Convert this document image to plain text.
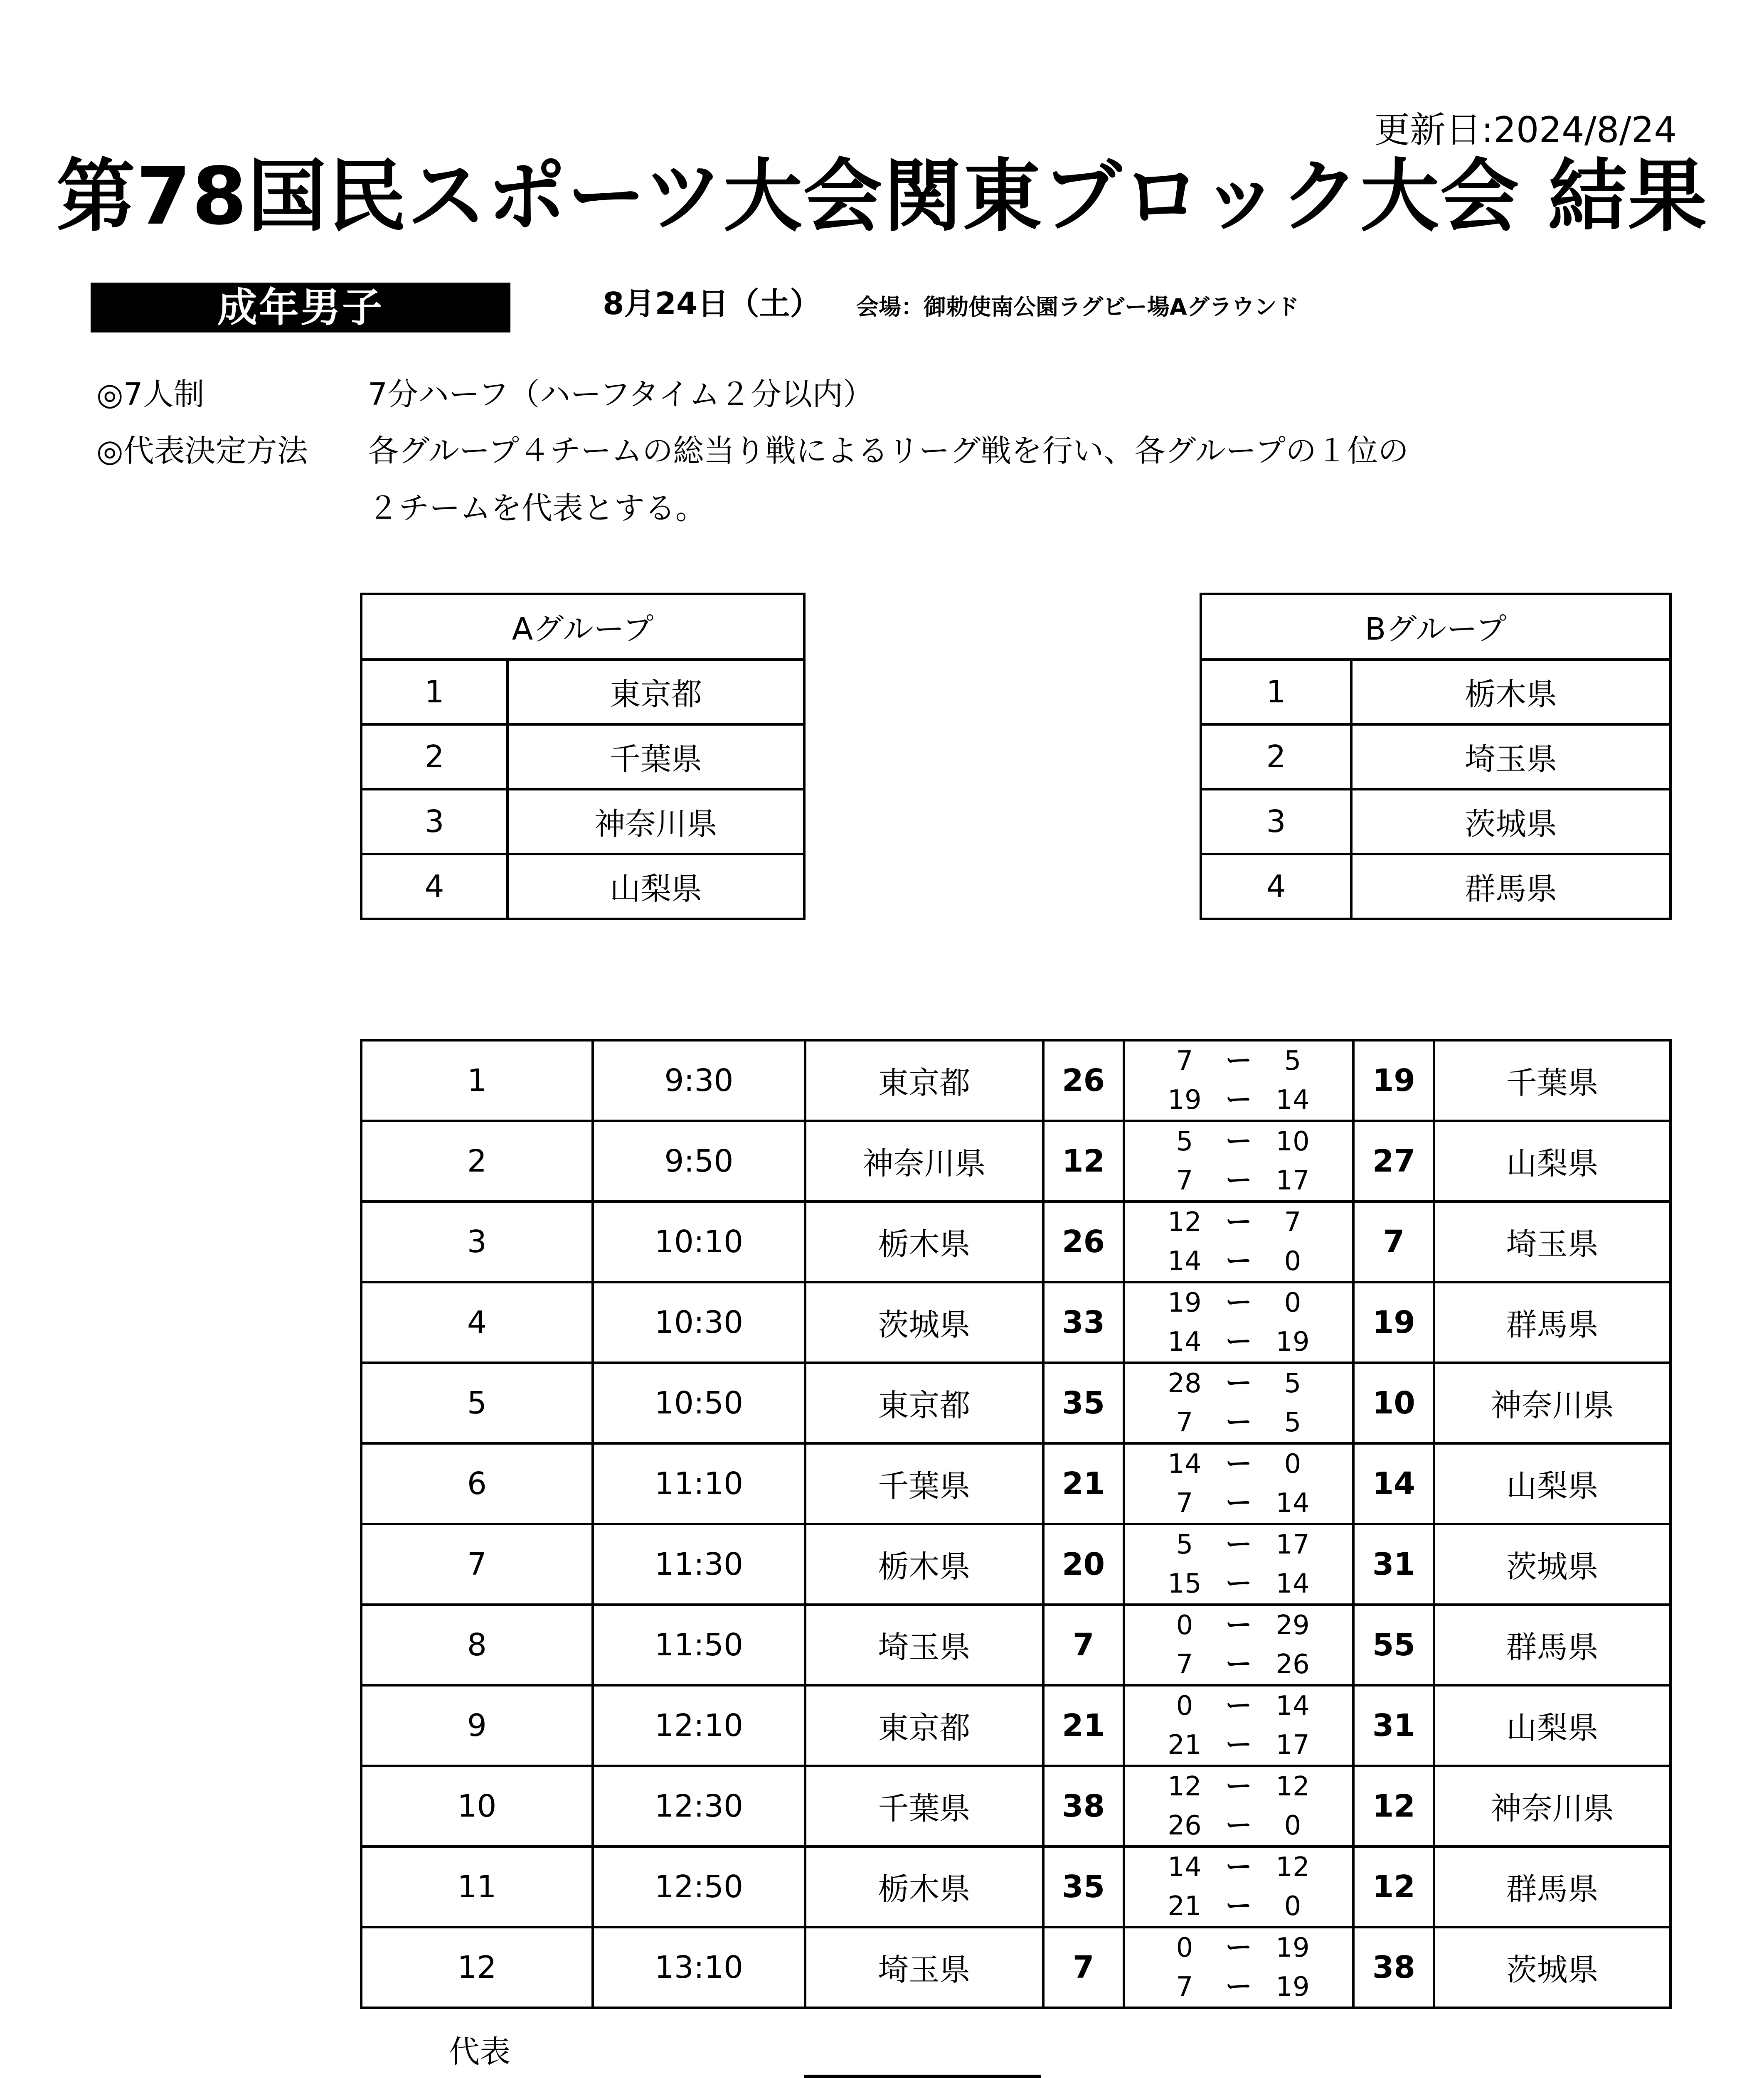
更新日:2024/8/24
第78国民スポーツ大会関東ブロック大会 結果
成年男子	8月24日（土） 会場：御勅使南公園ラグビー場Aグラウンド
◎7人制	7分ハーフ（ハーフタイム２分以内）
◎代表決定方法 各グループ４チームの総当り戦によるリーグ戦を行い、各グループの１位の
２チームを代表とする。
Aグループ	
1	東京都
2	千葉県
3	神奈川県
4	山梨県
Bグループ	
1	栃木県
2	埼玉県
3	茨城県
4	群馬県
1	9:30	東京都	26	7 ー 5
19 ー 14	19	千葉県
2	9:50	神奈川県	12	5 ー 10
7 ー 17	27	山梨県
3	10:10	栃木県	26	12 ー 7
14 ー 0	7	埼玉県
4	10:30	茨城県	33	19 ー 0
14 ー 19	19	群馬県
5	10:50	東京都	35	28 ー 5
7 ー 5	10	神奈川県
6	11:10	千葉県	21	14 ー 0
7 ー 14	14	山梨県
7	11:30	栃木県	20	5 ー 17
15 ー 14	31	茨城県
8	11:50	埼玉県	7	0 ー 29
7 ー 26	55	群馬県
9	12:10	東京都	21	0 ー 14
21 ー 17	31	山梨県
10	12:30	千葉県	38	12 ー 12
26 ー 0	12	神奈川県
11	12:50	栃木県	35	14 ー 12
21 ー 0	12	群馬県
12	13:10	埼玉県	7	0 ー 19
7 ー 19	38	茨城県
代表
